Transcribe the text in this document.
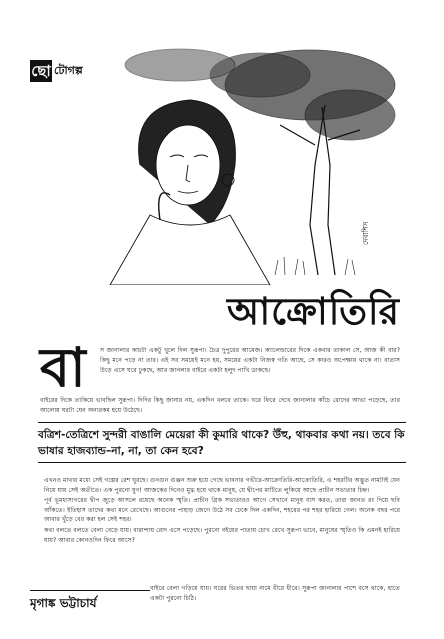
ছো টোগল্প
দেবাশিস
আক্রোতিরি
বা স জানালার কাচটা একটু খুলে দিল সুরূপা। চৈত্র দুপুরের আমেজ। ক্যালেন্ডারের দিকে একবার তাকাল সে, আজ কী বার? কিছু মনে পড়ে না তার। এই সব সময়েই মনে হয়, সময়ের একটা নিজস্ব গতি আছে, সে কারও অপেক্ষায় থাকে না। বাতাস উড়ে এসে ঘরে ঢুকছে, আর জানলার বাইরে একটা হলুদ পাখি ডাকছে।
বাইরের দিকে তাকিয়ে ভাবছিল সুরূপা। দিদির কিছু জানার নয়, একদিন বলবে তাকে। ঘরে ফিরে দেখে জানালার কাঁচে রোদের আভা পড়েছে, তার আলোয় ঘরটা যেন অন্যরকম হয়ে উঠেছে।
বত্রিশ-তেত্রিশে সুন্দরী বাঙালি মেয়েরা কী কুমারি থাকে? উঁহু, থাকবার কথা নয়। তবে কি ভাষার হাজব্যান্ড–না, না, তা কেন হবে?

এখনও মাথার মধ্যে সেই গল্পের রেশ ঘুরছে। গুনগুন গুঞ্জন শুরু হয়ে গেছে ভাবনার গভীরে-আক্রোতিরি-আক্রোতিরি, এ শহরটির অদ্ভুত নামটাই যেন নিয়ে যায় সেই অতীতে। এক পুরনো যুগ! আজকের দিনেও মুগ্ধ হয়ে থাকে মানুষ, যে দ্বীপের মাটিতে লুকিয়ে আছে প্রাচীন সভ্যতার চিহ্ন।

পূর্ব ভূমধ্যসাগরের দ্বীপ জুড়ে আসলে রয়েছে অনেক স্মৃতি। প্রাচীন গ্রিক সভ্যতারও আগে সেখানে মানুষ বাস করত, তারা জানত রং দিয়ে ছবি আঁকতে। ইতিহাস তাদের কথা মনে রেখেছে। আগুনের পাহাড় জেগে উঠে সব ঢেকে দিল একদিন, শহরের পর শহর হারিয়ে গেল। অনেক বছর পরে আবার খুঁড়ে বের করা হল সেই শহর।

কথা বলতে বলতে বেলা বেড়ে যায়। বারান্দায় রোদ এসে পড়েছে। পুরনো বইয়ের পাতায় চোখ রেখে সুরূপা ভাবে, মানুষের স্মৃতিও কি এমনই হারিয়ে যায়? আবার কোনওদিন ফিরে আসে?

মৃগাঙ্ক ভট্টাচার্য
বাইরে বেলা গড়িয়ে যায়। ঘরের ভিতর ছায়া নামে ধীরে ধীরে। সুরূপা জানালার পাশে বসে থাকে, হাতে একটা পুরনো চিঠি।
